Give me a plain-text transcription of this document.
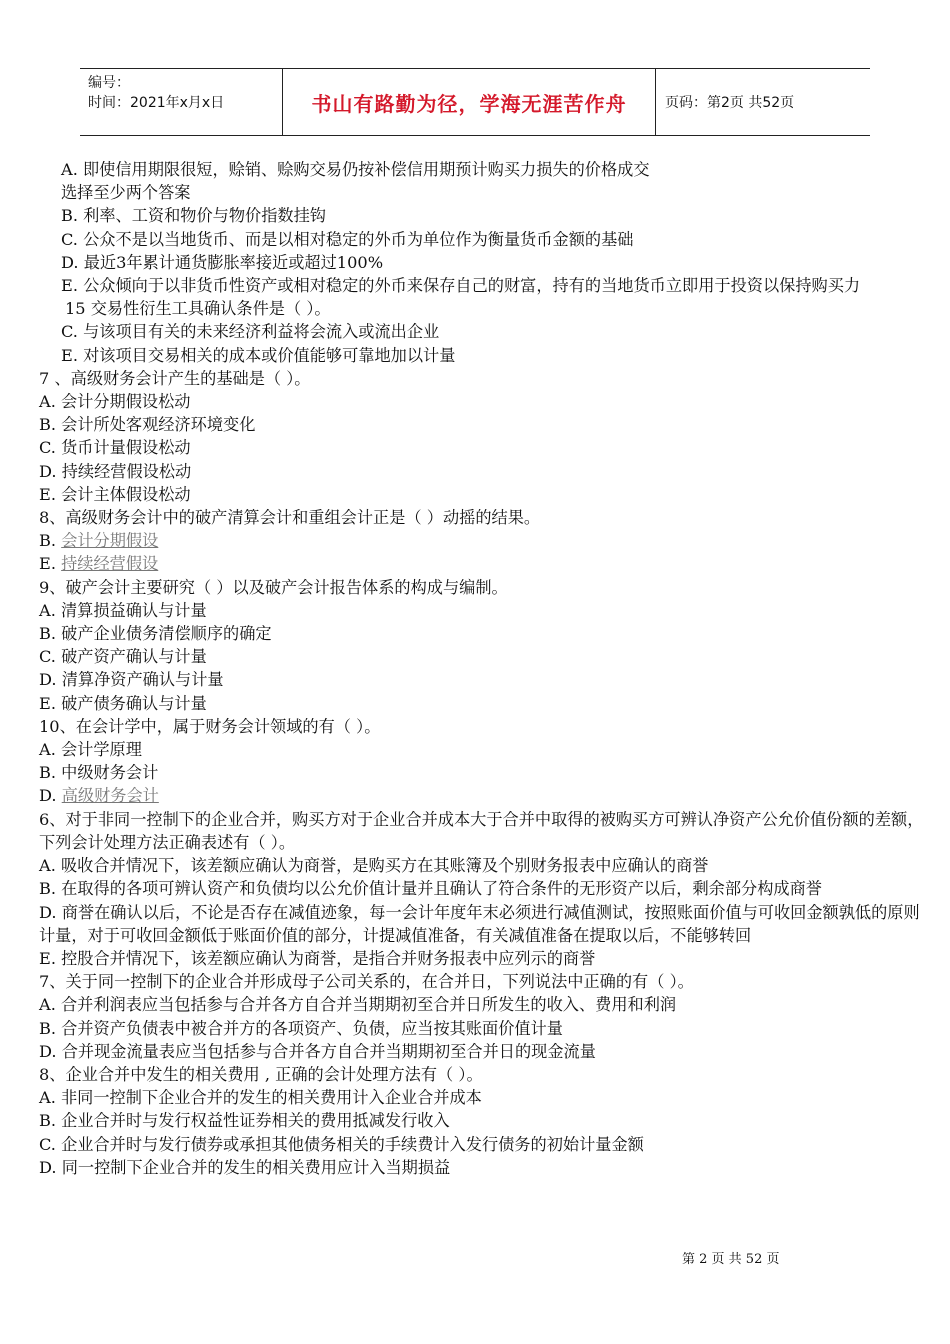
编号：
时间：2021年x月x日	书山有路勤为径，学海无涯苦作舟	页码：第2页 共52页
A. 即使信用期限很短，赊销、赊购交易仍按补偿信用期预计购买力损失的价格成交
选择至少两个答案
B. 利率、工资和物价与物价指数挂钩
C. 公众不是以当地货币、而是以相对稳定的外币为单位作为衡量货币金额的基础
D. 最近3年累计通货膨胀率接近或超过100%
E. 公众倾向于以非货币性资产或相对稳定的外币来保存自己的财富，持有的当地货币立即用于投资以保持购买力
15 交易性衍生工具确认条件是（ ）。
C. 与该项目有关的未来经济利益将会流入或流出企业
E. 对该项目交易相关的成本或价值能够可靠地加以计量
7 、高级财务会计产生的基础是（ ）。
A. 会计分期假设松动
B. 会计所处客观经济环境变化
C. 货币计量假设松动
D. 持续经营假设松动
E. 会计主体假设松动
8、高级财务会计中的破产清算会计和重组会计正是（ ）动摇的结果。
B. 会计分期假设
E. 持续经营假设
9、破产会计主要研究（ ）以及破产会计报告体系的构成与编制。
A. 清算损益确认与计量
B. 破产企业债务清偿顺序的确定
C. 破产资产确认与计量
D. 清算净资产确认与计量
E. 破产债务确认与计量
10、在会计学中，属于财务会计领域的有（ ）。
A. 会计学原理
B. 中级财务会计
D. 高级财务会计
6、对于非同一控制下的企业合并，购买方对于企业合并成本大于合并中取得的被购买方可辨认净资产公允价值份额的差额，下列会计处理方法正确表述有（ ）。
A. 吸收合并情况下，该差额应确认为商誉，是购买方在其账簿及个别财务报表中应确认的商誉
B. 在取得的各项可辨认资产和负债均以公允价值计量并且确认了符合条件的无形资产以后，剩余部分构成商誉
D. 商誉在确认以后，不论是否存在减值迹象，每一会计年度年末必须进行减值测试，按照账面价值与可收回金额孰低的原则计量，对于可收回金额低于账面价值的部分，计提减值准备，有关减值准备在提取以后，不能够转回
E. 控股合并情况下，该差额应确认为商誉，是指合并财务报表中应列示的商誉
7、关于同一控制下的企业合并形成母子公司关系的，在合并日，下列说法中正确的有（ ）。
A. 合并利润表应当包括参与合并各方自合并当期期初至合并日所发生的收入、费用和利润
B. 合并资产负债表中被合并方的各项资产、负债，应当按其账面价值计量
D. 合并现金流量表应当包括参与合并各方自合并当期期初至合并日的现金流量
8、企业合并中发生的相关费用 , 正确的会计处理方法有（ ）。
A. 非同一控制下企业合并的发生的相关费用计入企业合并成本
B. 企业合并时与发行权益性证券相关的费用抵减发行收入
C. 企业合并时与发行债券或承担其他债务相关的手续费计入发行债务的初始计量金额
D. 同一控制下企业合并的发生的相关费用应计入当期损益
第 2 页 共 52 页
